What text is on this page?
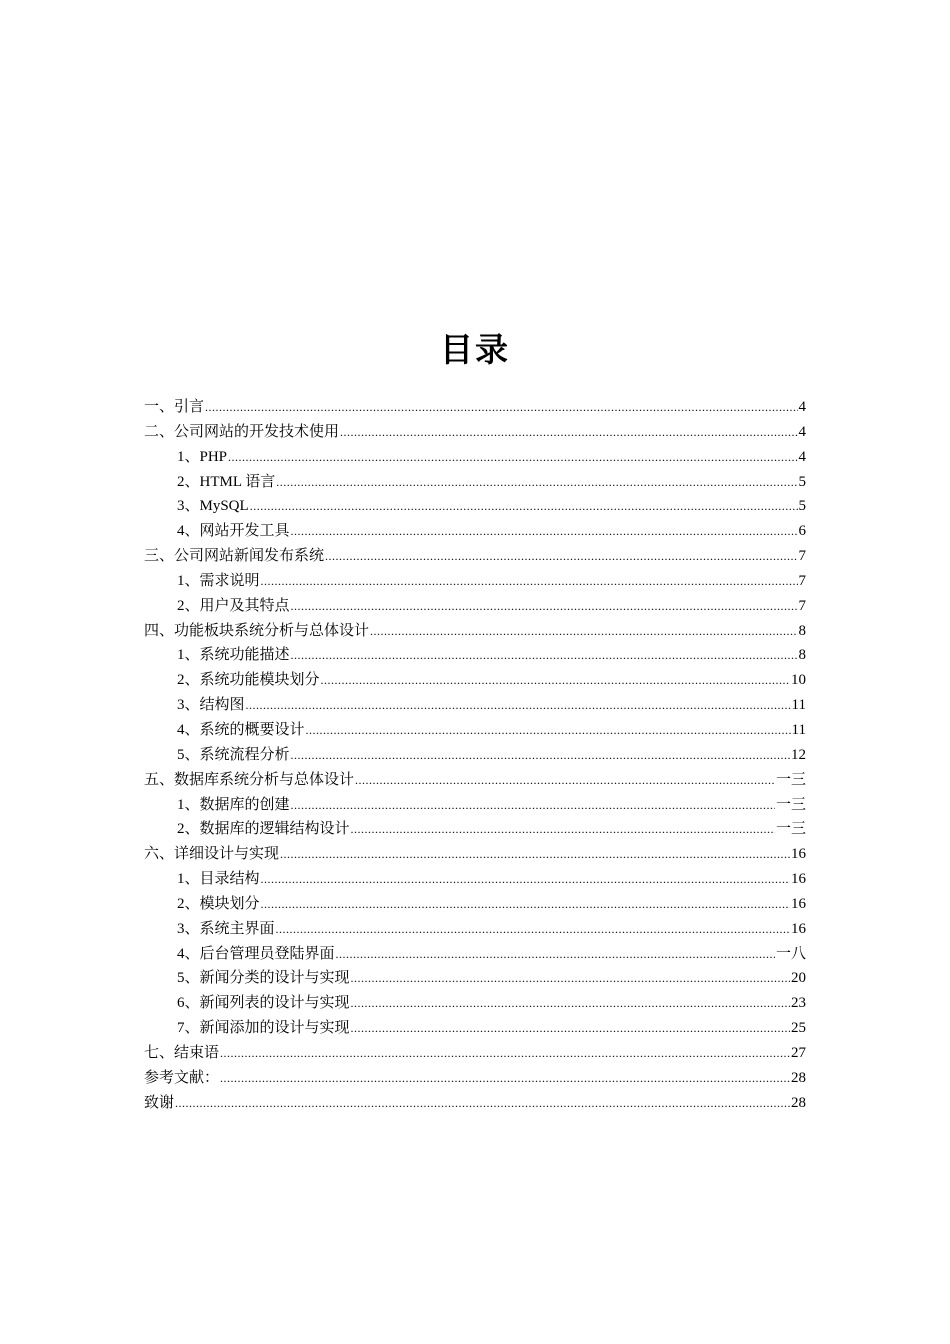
目录
一、引言 .....	4
二、公司网站的开发技术使用 .....	4
1、PHP .....	4
2、HTML 语言 .....	5
3、MySQL .....	5
4、网站开发工具 .....	6
三、公司网站新闻发布系统 .....	7
1、需求说明 .....	7
2、用户及其特点 .....	7
四、功能板块系统分析与总体设计 .....	8
1、系统功能描述 .....	8
2、系统功能模块划分 .....	10
3、结构图 .....	11
4、系统的概要设计 .....	11
5、系统流程分析 .....	12
五、数据库系统分析与总体设计 .....	一三
1、数据库的创建 .....	一三
2、数据库的逻辑结构设计 .....	一三
六、详细设计与实现 .....	16
1、目录结构 .....	16
2、模块划分 .....	16
3、系统主界面 .....	16
4、后台管理员登陆界面 .....	一八
5、新闻分类的设计与实现 .....	20
6、新闻列表的设计与实现 .....	23
7、新闻添加的设计与实现 .....	25
七、结束语 .....	27
参考文献： .....	28
致谢 .....	28
